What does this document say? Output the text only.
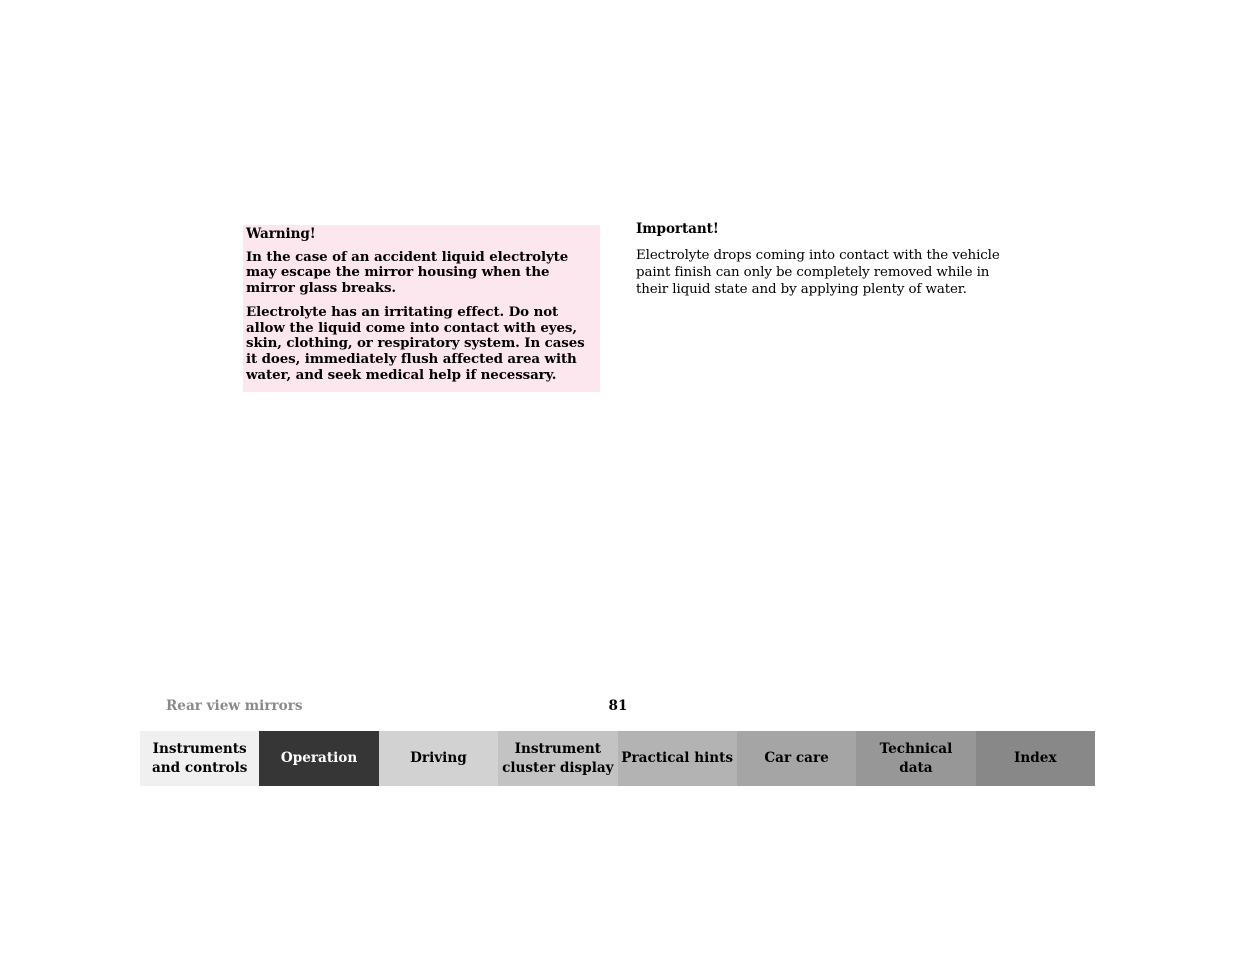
Warning!

In the case of an accident liquid electrolyte may escape the mirror housing when the mirror glass breaks.

Electrolyte has an irritating effect. Do not allow the liquid come into contact with eyes, skin, clothing, or respiratory system. In cases it does, immediately flush affected area with water, and seek medical help if necessary.

Important!

Electrolyte drops coming into contact with the vehicle paint finish can only be completely removed while in their liquid state and by applying plenty of water.

Rear view mirrors	81
Instruments
and controls
Operation	Driving
Instrument
cluster display
Practical hints	Car care
Technical
data
Index
